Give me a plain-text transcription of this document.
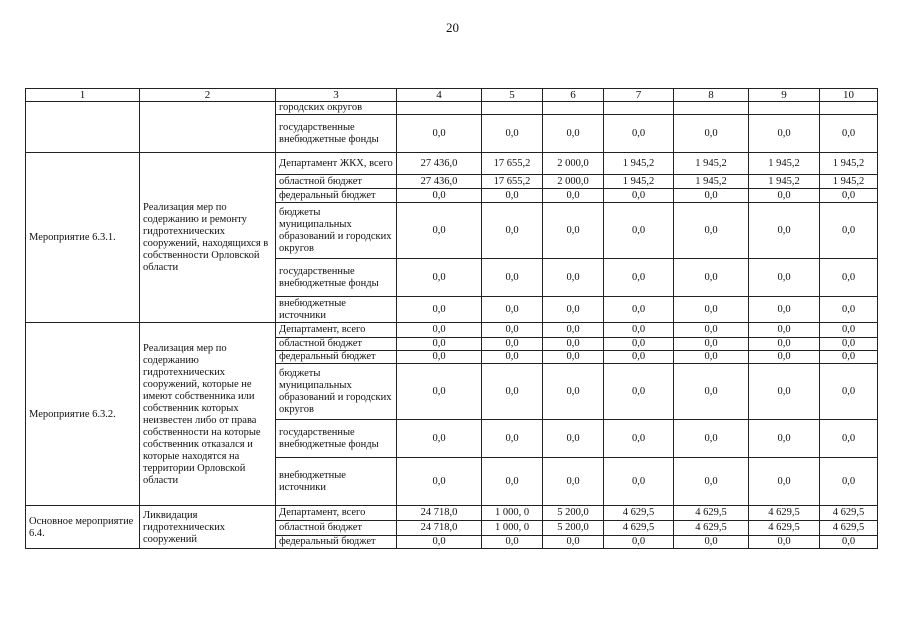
20
1	2	3	4	5	6	7	8	9	10
		городских округов							
		государственные внебюджетные фонды	0,0	0,0	0,0	0,0	0,0	0,0	0,0
Мероприятие 6.3.1.	Реализация мер по содержанию и ремонту гидротехнических сооружений, находящихся в собственности Орловской области	Департамент ЖКХ, всего	27 436,0	17 655,2	2 000,0	1 945,2	1 945,2	1 945,2	1 945,2
		областной бюджет	27 436,0	17 655,2	2 000,0	1 945,2	1 945,2	1 945,2	1 945,2
		федеральный бюджет	0,0	0,0	0,0	0,0	0,0	0,0	0,0
		бюджеты муниципальных образований и городских округов	0,0	0,0	0,0	0,0	0,0	0,0	0,0
		государственные внебюджетные фонды	0,0	0,0	0,0	0,0	0,0	0,0	0,0
		внебюджетные источники	0,0	0,0	0,0	0,0	0,0	0,0	0,0
Мероприятие 6.3.2.	Реализация мер по содержанию гидротехнических сооружений, которые не имеют собственника или собственник которых неизвестен либо от права собственности на которые собственник отказался и которые находятся на территории Орловской области	Департамент, всего	0,0	0,0	0,0	0,0	0,0	0,0	0,0
		областной бюджет	0,0	0,0	0,0	0,0	0,0	0,0	0,0
		федеральный бюджет	0,0	0,0	0,0	0,0	0,0	0,0	0,0
		бюджеты муниципальных образований и городских округов	0,0	0,0	0,0	0,0	0,0	0,0	0,0
		государственные внебюджетные фонды	0,0	0,0	0,0	0,0	0,0	0,0	0,0
		внебюджетные источники	0,0	0,0	0,0	0,0	0,0	0,0	0,0
Основное мероприятие 6.4.	Ликвидация гидротехнических сооружений	Департамент, всего	24 718,0	1 000, 0	5 200,0	4 629,5	4 629,5	4 629,5	4 629,5
		областной бюджет	24 718,0	1 000, 0	5 200,0	4 629,5	4 629,5	4 629,5	4 629,5
		федеральный бюджет	0,0	0,0	0,0	0,0	0,0	0,0	0,0
